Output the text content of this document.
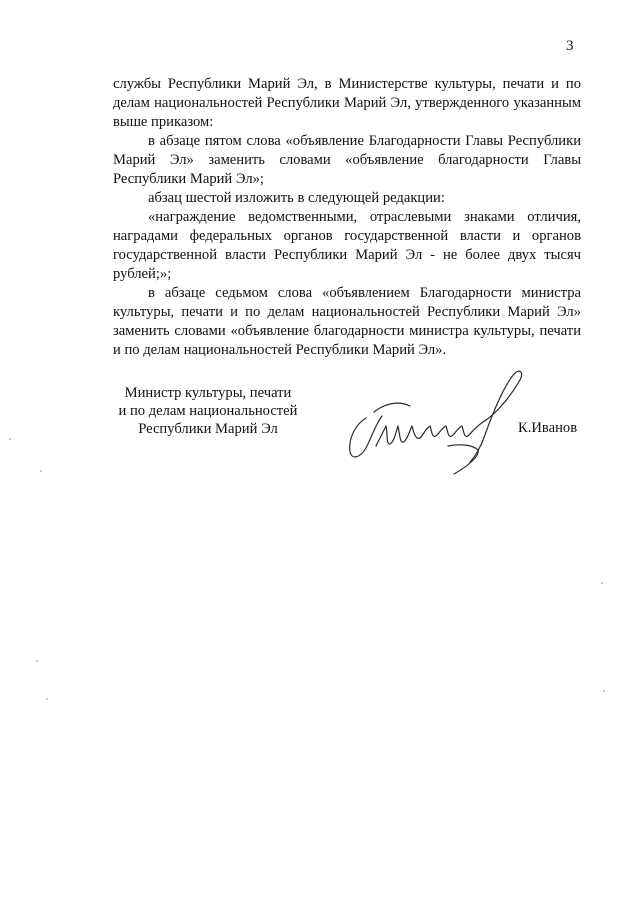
3

службы Республики Марий Эл, в Министерстве культуры, печати и по делам национальностей Республики Марий Эл, утвержденного указанным выше приказом:

в абзаце пятом слова «объявление Благодарности Главы Республики Марий Эл» заменить словами «объявление благодарности Главы Республики Марий Эл»;

абзац шестой изложить в следующей редакции:

«награждение ведомственными, отраслевыми знаками отличия, наградами федеральных органов государственной власти и органов государственной власти Республики Марий Эл - не более двух тысяч рублей;»;

в абзаце седьмом слова «объявлением Благодарности министра культуры, печати и по делам национальностей Республики Марий Эл» заменить словами «объявление благодарности министра культуры, печати и по делам национальностей Республики Марий Эл».

Министр культуры, печати
и по делам национальностей
Республики Марий Эл	К.Иванов
